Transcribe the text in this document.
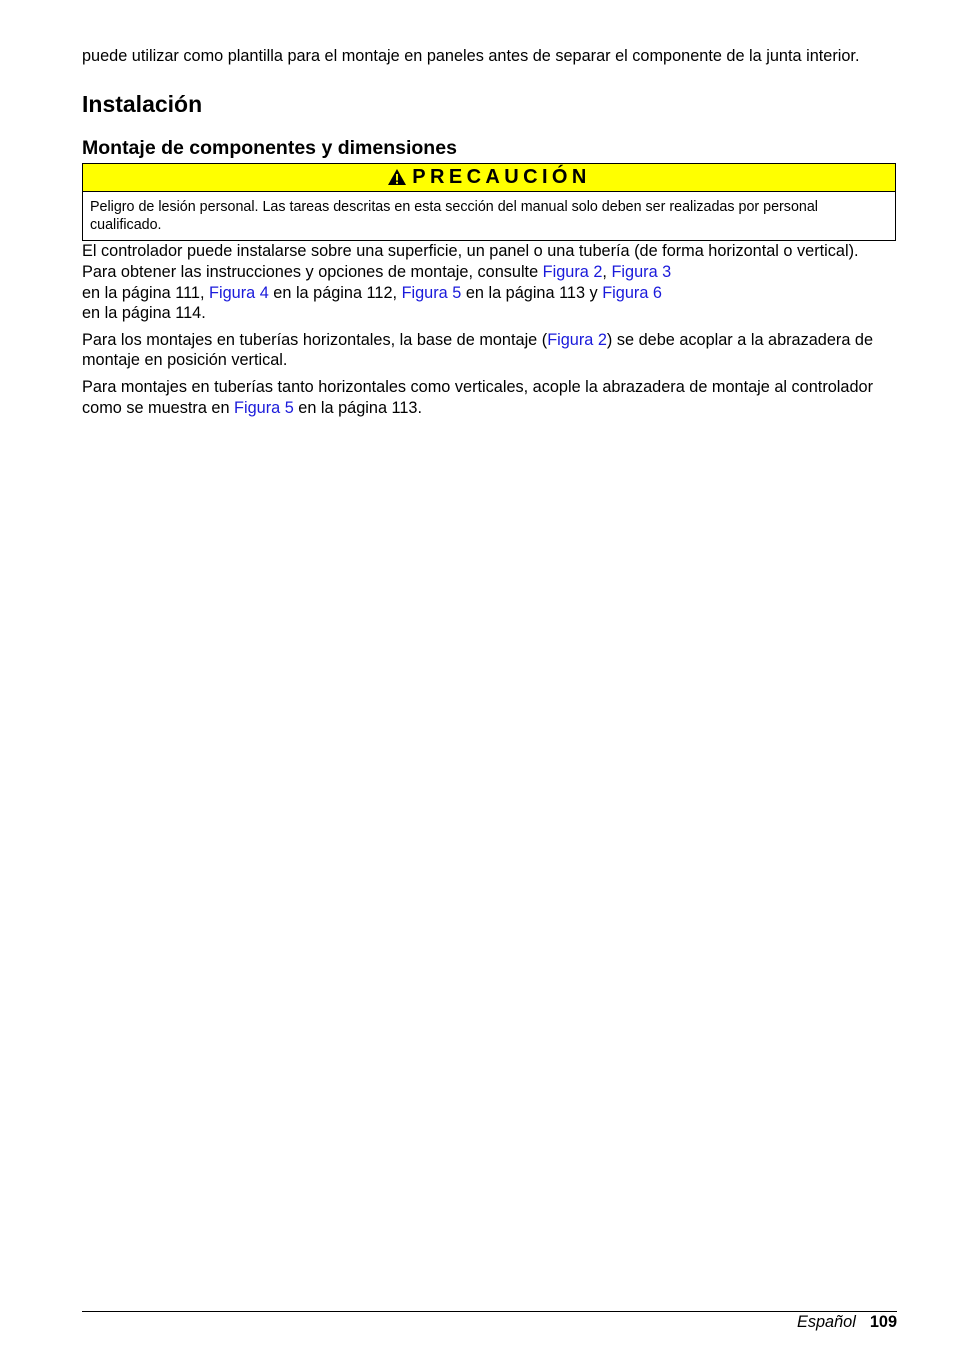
puede utilizar como plantilla para el montaje en paneles antes de separar el componente de la junta interior.

Instalación
Montaje de componentes y dimensiones
PRECAUCIÓN
Peligro de lesión personal. Las tareas descritas en esta sección del manual solo deben ser realizadas por personal cualificado.

El controlador puede instalarse sobre una superficie, un panel o una tubería (de forma horizontal o vertical). Para obtener las instrucciones y opciones de montaje, consulte Figura 2, Figura 3
en la página 111, Figura 4 en la página 112, Figura 5 en la página 113 y Figura 6
en la página 114.

Para los montajes en tuberías horizontales, la base de montaje (Figura 2) se debe acoplar a la abrazadera de montaje en posición vertical.

Para montajes en tuberías tanto horizontales como verticales, acople la abrazadera de montaje al controlador como se muestra en Figura 5 en la página 113.

Español 109
